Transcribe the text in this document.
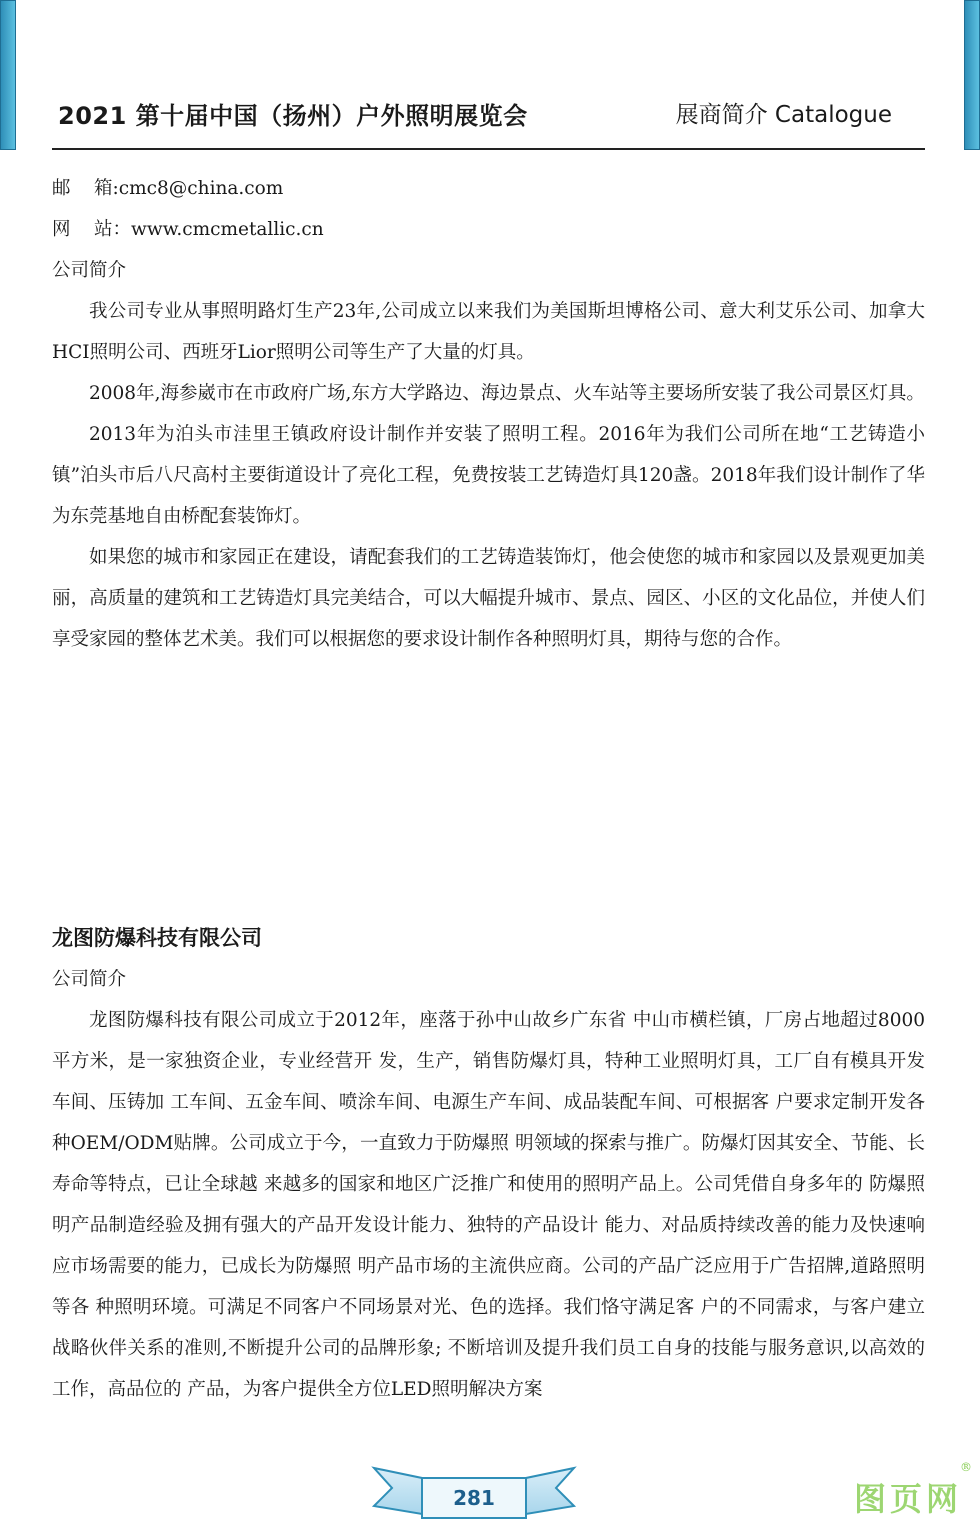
2021 第十届中国（扬州）户外照明展览会	展商简介 Catalogue
邮    箱:cmc8@china.com
网    站：www.cmcmetallic.cn
公司简介

我公司专业从事照明路灯生产23年,公司成立以来我们为美国斯坦博格公司、意大利艾乐公司、加拿大HCI照明公司、西班牙Lior照明公司等生产了大量的灯具。

2008年,海参崴市在市政府广场,东方大学路边、海边景点、火车站等主要场所安装了我公司景区灯具。

2013年为泊头市洼里王镇政府设计制作并安装了照明工程。2016年为我们公司所在地“工艺铸造小镇”泊头市后八尺高村主要街道设计了亮化工程，免费按装工艺铸造灯具120盏。2018年我们设计制作了华为东莞基地自由桥配套装饰灯。

如果您的城市和家园正在建设，请配套我们的工艺铸造装饰灯，他会使您的城市和家园以及景观更加美丽，高质量的建筑和工艺铸造灯具完美结合，可以大幅提升城市、景点、园区、小区的文化品位，并使人们享受家园的整体艺术美。我们可以根据您的要求设计制作各种照明灯具，期待与您的合作。

龙图防爆科技有限公司
公司简介

龙图防爆科技有限公司成立于2012年，座落于孙中山故乡广东省 中山市横栏镇，厂房占地超过8000平方米，是一家独资企业，专业经营开 发，生产，销售防爆灯具，特种工业照明灯具，工厂自有模具开发车间、压铸加 工车间、五金车间、喷涂车间、电源生产车间、成品装配车间、可根据客 户要求定制开发各种OEM/ODM贴牌。公司成立于今，一直致力于防爆照 明领域的探索与推广。防爆灯因其安全、节能、长寿命等特点，已让全球越 来越多的国家和地区广泛推广和使用的照明产品上。公司凭借自身多年的 防爆照明产品制造经验及拥有强大的产品开发设计能力、独特的产品设计 能力、对品质持续改善的能力及快速响应市场需要的能力，已成长为防爆照 明产品市场的主流供应商。公司的产品广泛应用于广告招牌,道路照明等各 种照明环境。可满足不同客户不同场景对光、色的选择。我们恪守满足客 户的不同需求，与客户建立战略伙伴关系的准则,不断提升公司的品牌形象; 不断培训及提升我们员工自身的技能与服务意识,以高效的工作，高品位的 产品，为客户提供全方位LED照明解决方案

281	图页网
®
